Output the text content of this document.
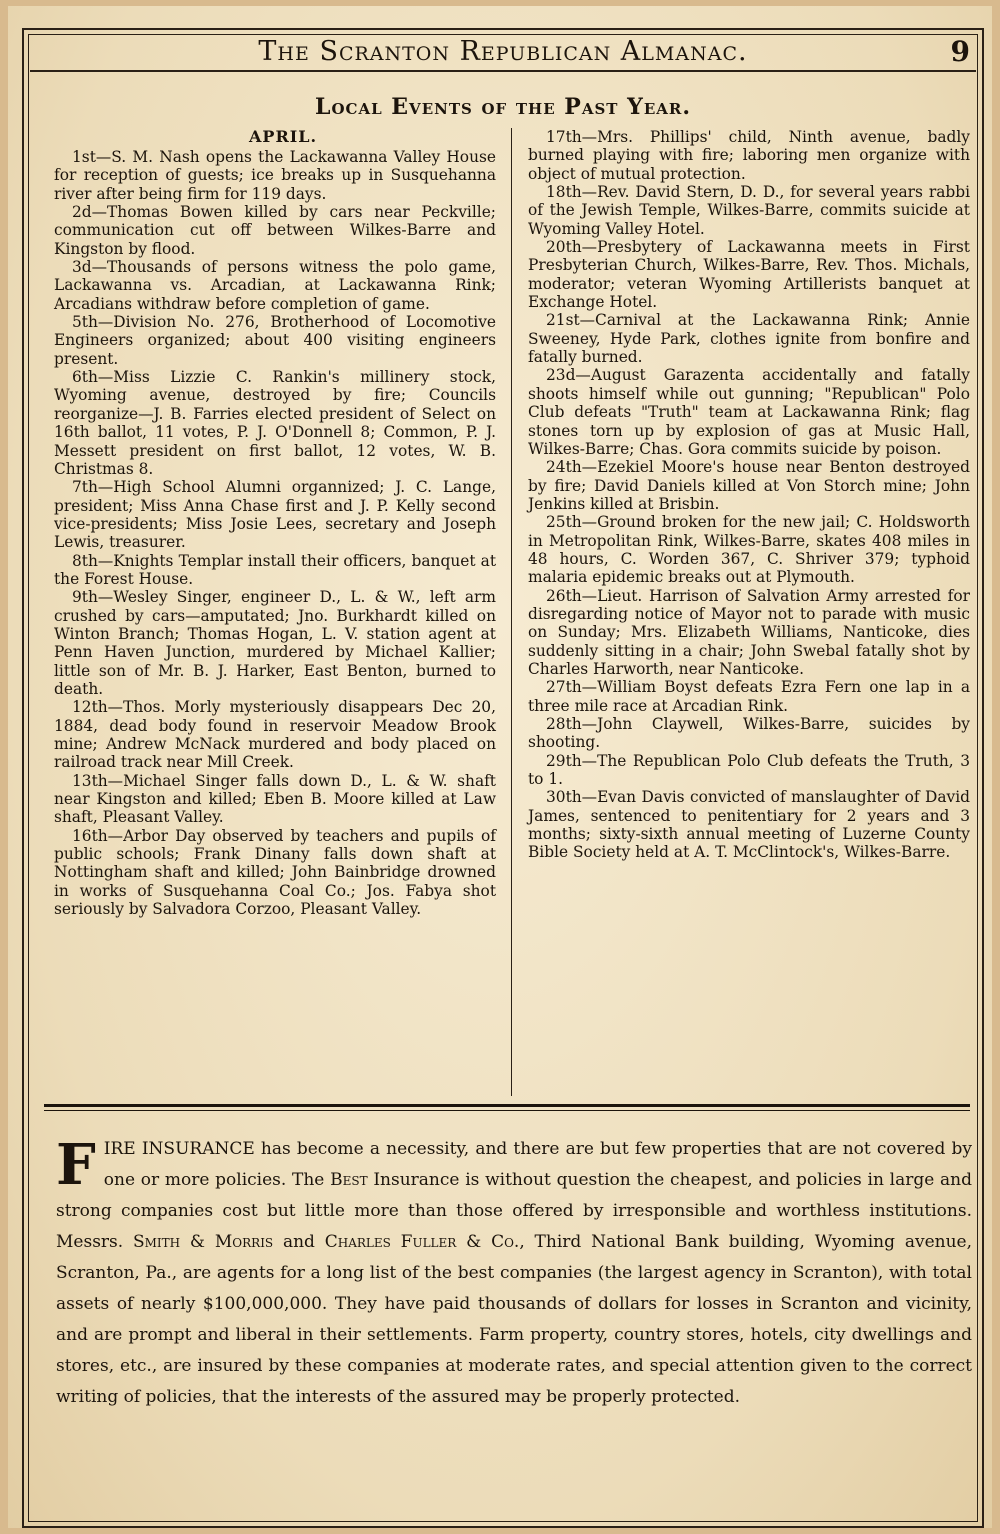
The Scranton Republican Almanac.	9
Local Events of the Past Year.
APRIL.

1st—S. M. Nash opens the Lackawanna Valley House for reception of guests; ice breaks up in Susquehanna river after being firm for 119 days.

2d—Thomas Bowen killed by cars near Peckville; communication cut off between Wilkes-Barre and Kingston by flood.

3d—Thousands of persons witness the polo game, Lackawanna vs. Arcadian, at Lackawanna Rink; Arcadians withdraw before completion of game.

5th—Division No. 276, Brotherhood of Locomotive Engineers organized; about 400 visiting engineers present.

6th—Miss Lizzie C. Rankin's millinery stock, Wyoming avenue, destroyed by fire; Councils reorganize—J. B. Farries elected president of Select on 16th ballot, 11 votes, P. J. O'Donnell 8; Common, P. J. Messett president on first ballot, 12 votes, W. B. Christmas 8.

7th—High School Alumni organnized; J. C. Lange, president; Miss Anna Chase first and J. P. Kelly second vice-presidents; Miss Josie Lees, secretary and Joseph Lewis, treasurer.

8th—Knights Templar install their officers, banquet at the Forest House.

9th—Wesley Singer, engineer D., L. & W., left arm crushed by cars—amputated; Jno. Burkhardt killed on Winton Branch; Thomas Hogan, L. V. station agent at Penn Haven Junction, murdered by Michael Kallier; little son of Mr. B. J. Harker, East Benton, burned to death.

12th—Thos. Morly mysteriously disappears Dec 20, 1884, dead body found in reservoir Meadow Brook mine; Andrew McNack murdered and body placed on railroad track near Mill Creek.

13th—Michael Singer falls down D., L. & W. shaft near Kingston and killed; Eben B. Moore killed at Law shaft, Pleasant Valley.

16th—Arbor Day observed by teachers and pupils of public schools; Frank Dinany falls down shaft at Nottingham shaft and killed; John Bainbridge drowned in works of Susquehanna Coal Co.; Jos. Fabya shot seriously by Salvadora Corzoo, Pleasant Valley.

17th—Mrs. Phillips' child, Ninth avenue, badly burned playing with fire; laboring men organize with object of mutual protection.

18th—Rev. David Stern, D. D., for several years rabbi of the Jewish Temple, Wilkes-Barre, commits suicide at Wyoming Valley Hotel.

20th—Presbytery of Lackawanna meets in First Presbyterian Church, Wilkes-Barre, Rev. Thos. Michals, moderator; veteran Wyoming Artillerists banquet at Exchange Hotel.

21st—Carnival at the Lackawanna Rink; Annie Sweeney, Hyde Park, clothes ignite from bonfire and fatally burned.

23d—August Garazenta accidentally and fatally shoots himself while out gunning; "Republican" Polo Club defeats "Truth" team at Lackawanna Rink; flag stones torn up by explosion of gas at Music Hall, Wilkes-Barre; Chas. Gora commits suicide by poison.

24th—Ezekiel Moore's house near Benton destroyed by fire; David Daniels killed at Von Storch mine; John Jenkins killed at Brisbin.

25th—Ground broken for the new jail; C. Holdsworth in Metropolitan Rink, Wilkes-Barre, skates 408 miles in 48 hours, C. Worden 367, C. Shriver 379; typhoid malaria epidemic breaks out at Plymouth.

26th—Lieut. Harrison of Salvation Army arrested for disregarding notice of Mayor not to parade with music on Sunday; Mrs. Elizabeth Williams, Nanticoke, dies suddenly sitting in a chair; John Swebal fatally shot by Charles Harworth, near Nanticoke.

27th—William Boyst defeats Ezra Fern one lap in a three mile race at Arcadian Rink.

28th—John Claywell, Wilkes-Barre, suicides by shooting.

29th—The Republican Polo Club defeats the Truth, 3 to 1.

30th—Evan Davis convicted of manslaughter of David James, sentenced to penitentiary for 2 years and 3 months; sixty-sixth annual meeting of Luzerne County Bible Society held at A. T. McClintock's, Wilkes-Barre.

FIRE INSURANCE has become a necessity, and there are but few properties that are not covered by one or more policies. The Best Insurance is without question the cheapest, and policies in large and strong companies cost but little more than those offered by irresponsible and worthless institutions. Messrs. Smith & Morris and Charles Fuller & Co., Third National Bank building, Wyoming avenue, Scranton, Pa., are agents for a long list of the best companies (the largest agency in Scranton), with total assets of nearly $100,000,000. They have paid thousands of dollars for losses in Scranton and vicinity, and are prompt and liberal in their settlements. Farm property, country stores, hotels, city dwellings and stores, etc., are insured by these companies at moderate rates, and special attention given to the correct writing of policies, that the interests of the assured may be properly protected.
